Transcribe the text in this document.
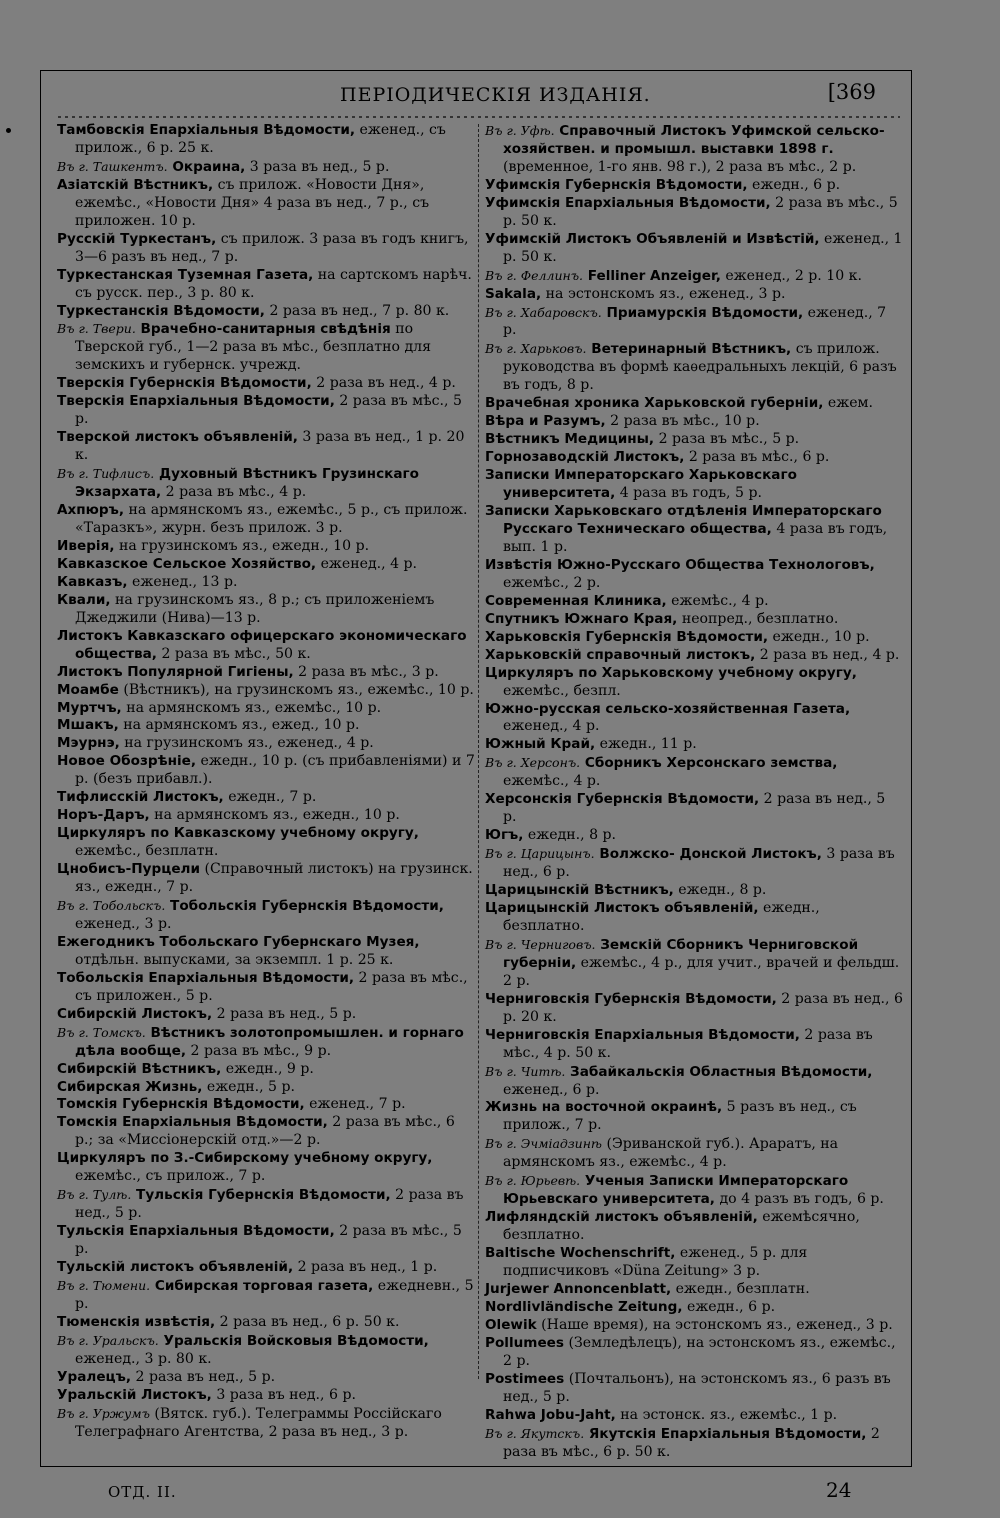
ПЕРІОДИЧЕСКІЯ ИЗДАНІЯ.	[369

Тамбовскія Епархіальныя Вѣдомости, еженед., съ прилож., 6 р. 25 к.

Въ г. Ташкентъ. Окраина, 3 раза въ нед., 5 р.

Азіатскій Вѣстникъ, съ прилож. «Новости Дня», ежемѣс., «Новости Дня» 4 раза въ нед., 7 р., съ приложен. 10 р.

Русскій Туркестанъ, съ прилож. 3 раза въ годъ книгъ, 3—6 разъ въ нед., 7 р.

Туркестанская Туземная Газета, на сартскомъ нарѣч. съ русск. пер., 3 р. 80 к.

Туркестанскія Вѣдомости, 2 раза въ нед., 7 р. 80 к.

Въ г. Твери. Врачебно-санитарныя свѣдѣнія по Тверской губ., 1—2 раза въ мѣс., безплатно для земскихъ и губернск. учрежд.

Тверскія Губернскія Вѣдомости, 2 раза въ нед., 4 р.

Тверскія Епархіальныя Вѣдомости, 2 раза въ мѣс., 5 р.

Тверской листокъ объявленій, 3 раза въ нед., 1 р. 20 к.

Въ г. Тифлисъ. Духовный Вѣстникъ Грузинскаго Экзархата, 2 раза въ мѣс., 4 р.

Ахпюръ, на армянскомъ яз., ежемѣс., 5 р., съ прилож. «Таразкъ», журн. безъ прилож. 3 р.

Иверія, на грузинскомъ яз., ежедн., 10 р.

Кавказское Сельское Хозяйство, еженед., 4 р.

Кавказъ, еженед., 13 р.

Квали, на грузинскомъ яз., 8 р.; съ приложеніемъ Джеджили (Нива)—13 р.

Листокъ Кавказскаго офицерскаго экономическаго общества, 2 раза въ мѣс., 50 к.

Листокъ Популярной Гигіены, 2 раза въ мѣс., 3 р.

Моамбе (Вѣстникъ), на грузинскомъ яз., ежемѣс., 10 р.

Муртчъ, на армянскомъ яз., ежемѣс., 10 р.

Мшакъ, на армянскомъ яз., ежед., 10 р.

Мэурнэ, на грузинскомъ яз., еженед., 4 р.

Новое Обозрѣніе, ежедн., 10 р. (съ прибавленіями) и 7 р. (безъ прибавл.).

Тифлисскій Листокъ, ежедн., 7 р.

Норъ-Даръ, на армянскомъ яз., ежедн., 10 р.

Циркуляръ по Кавказскому учебному округу, ежемѣс., безплатн.

Цнобисъ-Пурцели (Справочный листокъ) на грузинск. яз., ежедн., 7 р.

Въ г. Тобольскъ. Тобольскія Губернскія Вѣдомости, еженед., 3 р.

Ежегодникъ Тобольскаго Губернскаго Музея, отдѣльн. выпусками, за экземпл. 1 р. 25 к.

Тобольскія Епархіальныя Вѣдомости, 2 раза въ мѣс., съ приложен., 5 р.

Сибирскій Листокъ, 2 раза въ нед., 5 р.

Въ г. Томскъ. Вѣстникъ золотопромышлен. и горнаго дѣла вообще, 2 раза въ мѣс., 9 р.

Сибирскій Вѣстникъ, ежедн., 9 р.

Сибирская Жизнь, ежедн., 5 р.

Томскія Губернскія Вѣдомости, еженед., 7 р.

Томскія Епархіальныя Вѣдомости, 2 раза въ мѣс., 6 р.; за «Миссіонерскій отд.»—2 р.

Циркуляръ по З.-Сибирскому учебному округу, ежемѣс., съ прилож., 7 р.

Въ г. Тулѣ. Тульскія Губернскія Вѣдомости, 2 раза въ нед., 5 р.

Тульскія Епархіальныя Вѣдомости, 2 раза въ мѣс., 5 р.

Тульскій листокъ объявленій, 2 раза въ нед., 1 р.

Въ г. Тюмени. Сибирская торговая газета, ежедневн., 5 р.

Тюменскія извѣстія, 2 раза въ нед., 6 р. 50 к.

Въ г. Уральскъ. Уральскія Войсковыя Вѣдомости, еженед., 3 р. 80 к.

Уралецъ, 2 раза въ нед., 5 р.

Уральскій Листокъ, 3 раза въ нед., 6 р.

Въ г. Уржумъ (Вятск. губ.). Телеграммы Россійскаго Телеграфнаго Агентства, 2 раза въ нед., 3 р.

Въ г. Уфѣ. Справочный Листокъ Уфимской сельско-хозяйствен. и промышл. выставки 1898 г. (временное, 1-го янв. 98 г.), 2 раза въ мѣс., 2 р.

Уфимскія Губернскія Вѣдомости, ежедн., 6 р.

Уфимскія Епархіальныя Вѣдомости, 2 раза въ мѣс., 5 р. 50 к.

Уфимскій Листокъ Объявленій и Извѣстій, еженед., 1 р. 50 к.

Въ г. Феллинъ. Felliner Anzeiger, еженед., 2 р. 10 к.

Sakala, на эстонскомъ яз., еженед., 3 р.

Въ г. Хабаровскъ. Приамурскія Вѣдомости, еженед., 7 р.

Въ г. Харьковъ. Ветеринарный Вѣстникъ, съ прилож. руководства въ формѣ каѳедральныхъ лекцій, 6 разъ въ годъ, 8 р.

Врачебная хроника Харьковской губерніи, ежем.

Вѣра и Разумъ, 2 раза въ мѣс., 10 р.

Вѣстникъ Медицины, 2 раза въ мѣс., 5 р.

Горнозаводскій Листокъ, 2 раза въ мѣс., 6 р.

Записки Императорскаго Харьковскаго университета, 4 раза въ годъ, 5 р.

Записки Харьковскаго отдѣленія Императорскаго Русскаго Техническаго общества, 4 раза въ годъ, вып. 1 р.

Извѣстія Южно-Русскаго Общества Технологовъ, ежемѣс., 2 р.

Современная Клиника, ежемѣс., 4 р.

Спутникъ Южнаго Края, неопред., безплатно.

Харьковскія Губернскія Вѣдомости, ежедн., 10 р.

Харьковскій справочный листокъ, 2 раза въ нед., 4 р.

Циркуляръ по Харьковскому учебному округу, ежемѣс., безпл.

Южно-русская сельско-хозяйственная Газета, еженед., 4 р.

Южный Край, ежедн., 11 р.

Въ г. Херсонъ. Сборникъ Херсонскаго земства, ежемѣс., 4 р.

Херсонскія Губернскія Вѣдомости, 2 раза въ нед., 5 р.

Югъ, ежедн., 8 р.

Въ г. Царицынъ. Волжско- Донской Листокъ, 3 раза въ нед., 6 р.

Царицынскій Вѣстникъ, ежедн., 8 р.

Царицынскій Листокъ объявленій, ежедн., безплатно.

Въ г. Черниговъ. Земскій Сборникъ Черниговской губерніи, ежемѣс., 4 р., для учит., врачей и фельдш. 2 р.

Черниговскія Губернскія Вѣдомости, 2 раза въ нед., 6 р. 20 к.

Черниговскія Епархіальныя Вѣдомости, 2 раза въ мѣс., 4 р. 50 к.

Въ г. Читѣ. Забайкальскія Областныя Вѣдомости, еженед., 6 р.

Жизнь на восточной окраинѣ, 5 разъ въ нед., съ прилож., 7 р.

Въ г. Эчміадзинѣ (Эриванской губ.). Араратъ, на армянскомъ яз., ежемѣс., 4 р.

Въ г. Юрьевѣ. Ученыя Записки Императорскаго Юрьевскаго университета, до 4 разъ въ годъ, 6 р.

Лифляндскій листокъ объявленій, ежемѣсячно, безплатно.

Baltische Wochenschrift, еженед., 5 р. для подписчиковъ «Düna Zeitung» 3 р.

Jurjewer Annoncenblatt, ежедн., безплатн.

Nordlivländische Zeitung, ежедн., 6 р.

Olewik (Наше время), на эстонскомъ яз., еженед., 3 р.

Pollumees (Земледѣлецъ), на эстонскомъ яз., ежемѣс., 2 р.

Postimees (Почтальонъ), на эстонскомъ яз., 6 разъ въ нед., 5 р.

Rahwa Jobu-Jaht, на эстонск. яз., ежемѣс., 1 р.

Въ г. Якутскъ. Якутскія Епархіальныя Вѣдомости, 2 раза въ мѣс., 6 р. 50 к.

ОТД. II.	24
